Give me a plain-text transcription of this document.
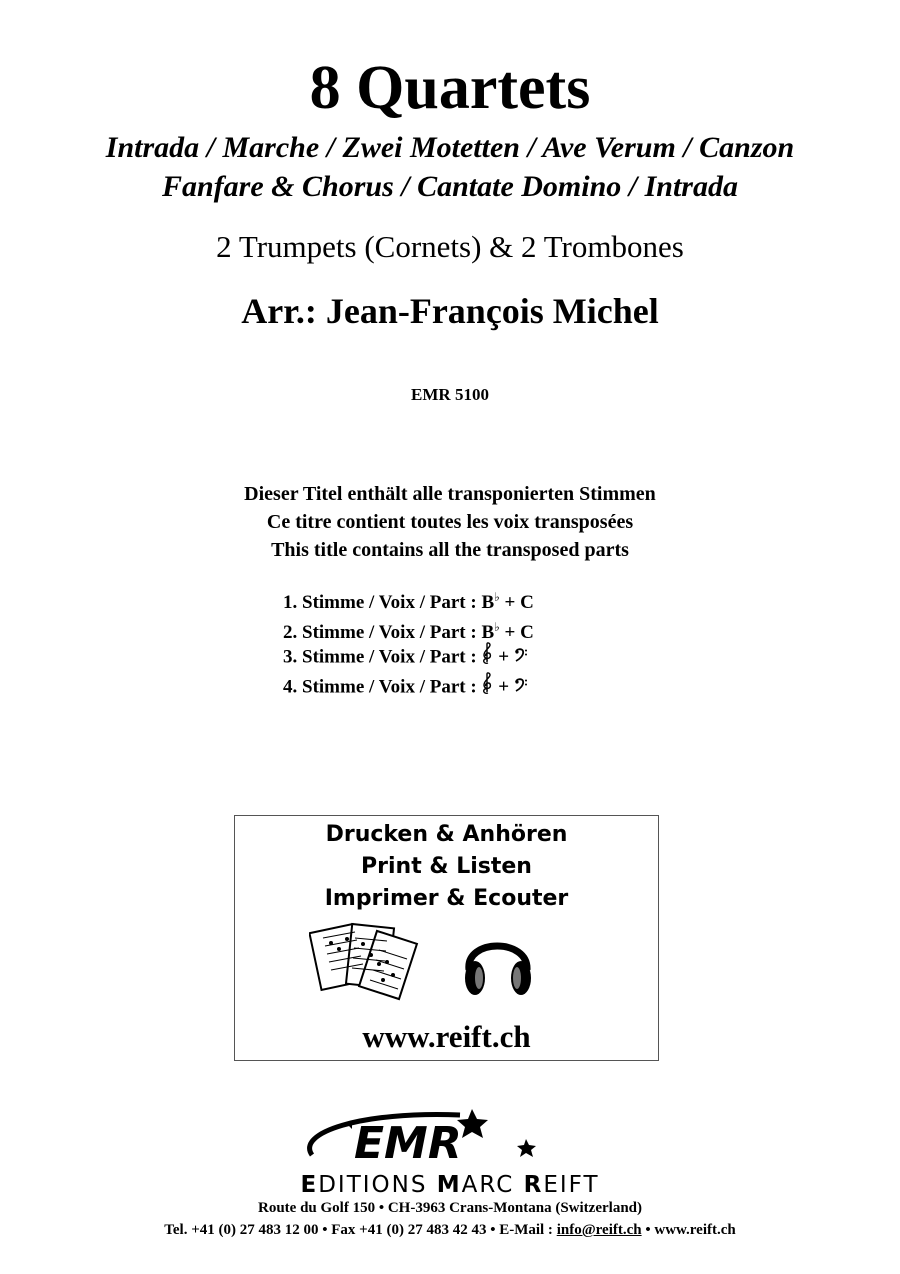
8 Quartets
Intrada / Marche / Zwei Motetten / Ave Verum / Canzon
Fanfare & Chorus / Cantate Domino / Intrada
2 Trumpets (Cornets) & 2 Trombones
Arr.: Jean-François Michel
EMR 5100
Dieser Titel enthält alle transponierten Stimmen
Ce titre contient toutes les voix transposées
This title contains all the transposed parts
1. Stimme / Voix / Part : B♭ + C
2. Stimme / Voix / Part : B♭ + C
3. Stimme / Voix / Part :  +
4. Stimme / Voix / Part :  +
Drucken & Anhören
Print & Listen
Imprimer & Ecouter
www.reift.ch
EMR
EDITIONS MARC REIFT
Route du Golf 150 • CH-3963 Crans-Montana (Switzerland)
Tel. +41 (0) 27 483 12 00 • Fax +41 (0) 27 483 42 43 • E-Mail : info@reift.ch • www.reift.ch
